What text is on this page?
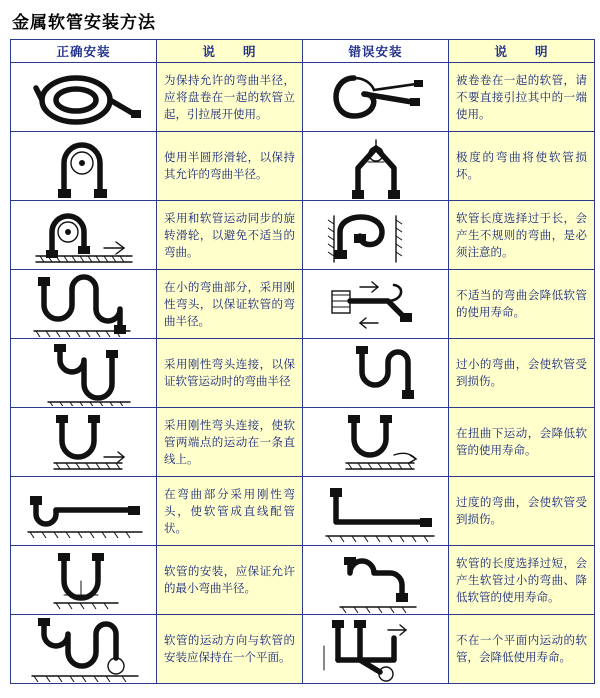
金属软管安装方法
正确安装	说　　明	错误安装	说　　明

为保持允许的弯曲半径，应将盘卷在一起的软管立起，引拉展开使用。		被卷卷在一起的软管，请不要直接引拉其中的一端使用。

使用半圆形滑轮，以保持其允许的弯曲半径。		极度的弯曲将使软管损坏。

采用和软管运动同步的旋转滑轮，以避免不适当的弯曲。		软管长度选择过于长，会产生不规则的弯曲，是必须注意的。

在小的弯曲部分，采用刚性弯头，以保证软管的弯曲半径。		不适当的弯曲会降低软管的使用寿命。

采用刚性弯头连接，以保证软管运动时的弯曲半径		过小的弯曲，会使软管受到损伤。

采用刚性弯头连接，使软管两端点的运动在一条直线上。		在扭曲下运动，会降低软管的使用寿命。

在弯曲部分采用刚性弯头，使软管成直线配管状。		过度的弯曲，会使软管受到损伤。

软管的安装，应保证允许的最小弯曲半径。		软管的长度选择过短，会产生软管过小的弯曲、降低软管的使用寿命。

软管的运动方向与软管的安装应保持在一个平面。		不在一个平面内运动的软管，会降低使用寿命。
